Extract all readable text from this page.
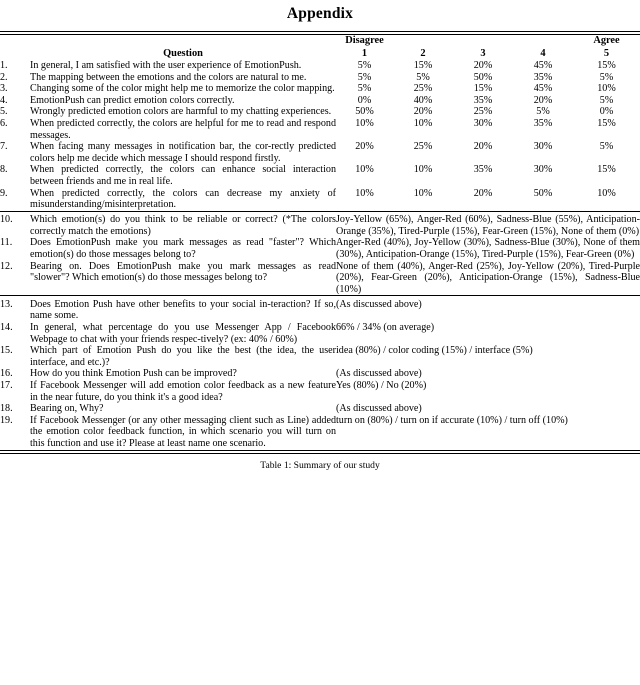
Appendix
		Disagree				Agree
	Question	1	2	3	4	5
1.	In general, I am satisfied with the user experience of EmotionPush.	5%	15%	20%	45%	15%
2.	The mapping between the emotions and the colors are natural to me.	5%	5%	50%	35%	5%
3.	Changing some of the color might help me to memorize the color mapping.	5%	25%	15%	45%	10%
4.	EmotionPush can predict emotion colors correctly.	0%	40%	35%	20%	5%
5.	Wrongly predicted emotion colors are harmful to my chatting experiences.	50%	20%	25%	5%	0%
6.	When predicted correctly, the colors are helpful for me to read and respond messages.	10%	10%	30%	35%	15%
7.	When facing many messages in notification bar, the cor-​rectly predicted colors help me decide which message I should respond firstly.	20%	25%	20%	30%	5%
8.	When predicted correctly, the colors can enhance social interaction between friends and me in real life.	10%	10%	35%	30%	15%
9.	When predicted correctly, the colors can decrease my anxiety of misunderstanding/misinterpretation.	10%	10%	20%	50%	10%
10.	Which emotion(s) do you think to be reliable or correct? (*The colors correctly match the emotions)	Joy-Yellow (65%), Anger-Red (60%), Sadness-Blue (55%), Anticipation-Orange (35%), Tired-Purple (15%), Fear-Green (15%), None of them (0%)				
11.	Does EmotionPush make you mark messages as read "faster"? Which emotion(s) do those messages belong to?	Anger-Red (40%), Joy-Yellow (30%), Sadness-Blue (30%), None of them (30%), Anticipation-Orange (15%), Tired-Purple (15%), Fear-Green (0%)				
12.	Bearing on. Does EmotionPush make you mark messages as read "slower"? Which emotion(s) do those messages belong to?	None of them (40%), Anger-Red (25%), Joy-Yellow (20%), Tired-Purple (20%), Fear-Green (20%), Anticipation-Orange (15%), Sadness-Blue (10%)				
13.	Does Emotion Push have other benefits to your social in-​teraction? If so, name some.	(As discussed above)				
14.	In general, what percentage do you use Messenger App / Facebook Webpage to chat with your friends respec-​tively? (ex: 40% / 60%)	66% / 34% (on average)				
15.	Which part of Emotion Push do you like the best (the idea, the user interface, and etc.)?	idea (80%) / color coding (15%) / interface (5%)				
16.	How do you think Emotion Push can be improved?	(As discussed above)				
17.	If Facebook Messenger will add emotion color feedback as a new feature in the near future, do you think it's a good idea?	Yes (80%) / No (20%)				
18.	Bearing on, Why?	(As discussed above)				
19.	If Facebook Messenger (or any other messaging client such as Line) added the emotion color feedback function, in which scenario you will turn on this function and use it? Please at least name one scenario.	turn on (80%) / turn on if accurate (10%) / turn off (10%)				
Table 1: Summary of our study
